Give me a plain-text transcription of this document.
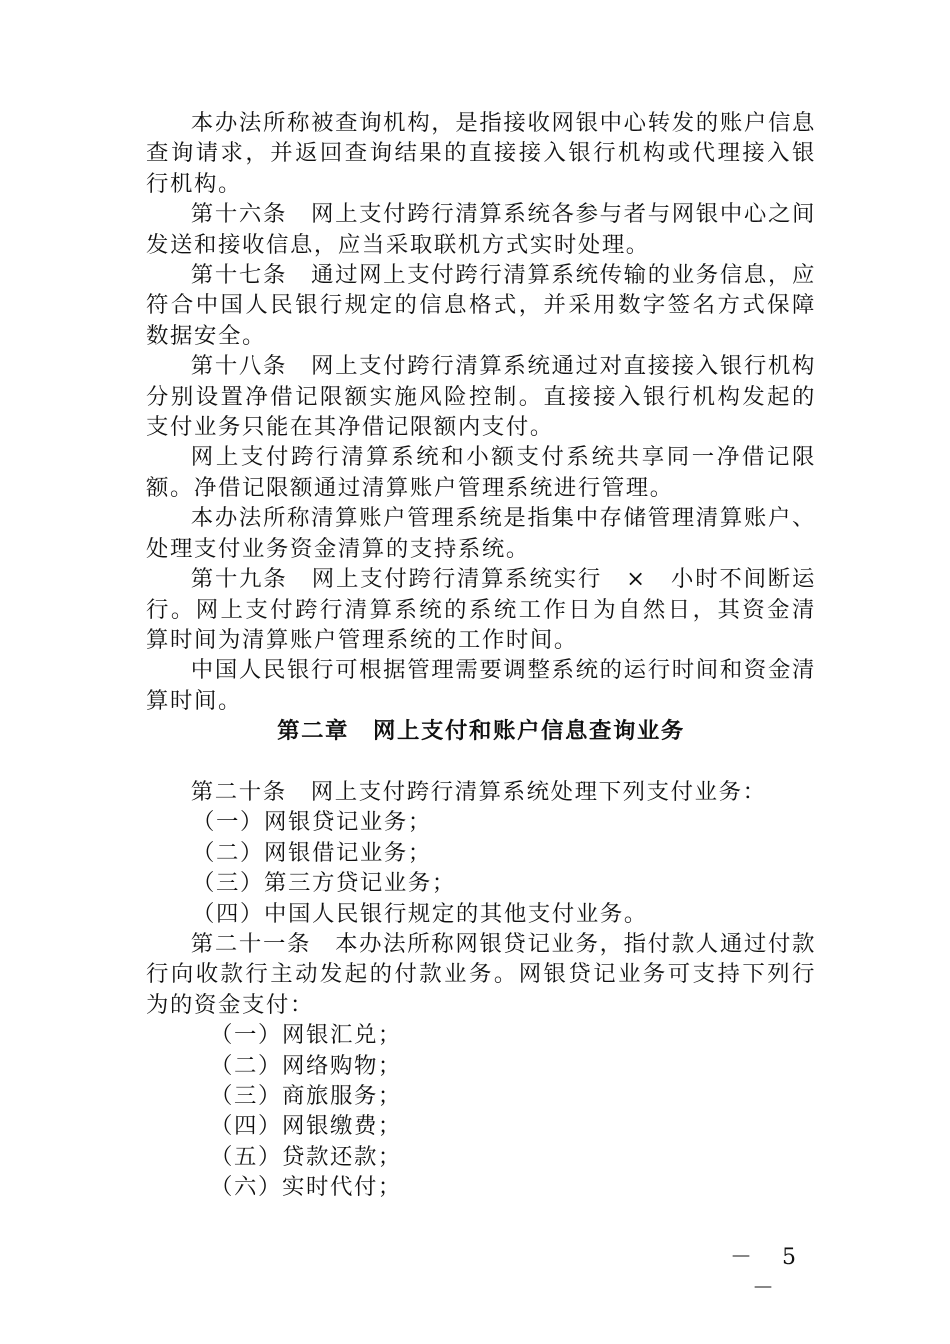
本办法所称被查询机构，是指接收网银中心转发的账户信息查询请求，并返回查询结果的直接接入银行机构或代理接入银行机构。

第十六条　网上支付跨行清算系统各参与者与网银中心之间发送和接收信息，应当采取联机方式实时处理。

第十七条　通过网上支付跨行清算系统传输的业务信息，应符合中国人民银行规定的信息格式，并采用数字签名方式保障数据安全。

第十八条　网上支付跨行清算系统通过对直接接入银行机构分别设置净借记限额实施风险控制。直接接入银行机构发起的支付业务只能在其净借记限额内支付。

网上支付跨行清算系统和小额支付系统共享同一净借记限额。净借记限额通过清算账户管理系统进行管理。

本办法所称清算账户管理系统是指集中存储管理清算账户、处理支付业务资金清算的支持系统。

第十九条　网上支付跨行清算系统实行　×　小时不间断运行。网上支付跨行清算系统的系统工作日为自然日，其资金清算时间为清算账户管理系统的工作时间。

中国人民银行可根据管理需要调整系统的运行时间和资金清算时间。

第二章　网上支付和账户信息查询业务

第二十条　网上支付跨行清算系统处理下列支付业务：

（一）网银贷记业务；

（二）网银借记业务；

（三）第三方贷记业务；

（四）中国人民银行规定的其他支付业务。

第二十一条　本办法所称网银贷记业务，指付款人通过付款行向收款行主动发起的付款业务。网银贷记业务可支持下列行为的资金支付：

（一）网银汇兑；

（二）网络购物；

（三）商旅服务；

（四）网银缴费；

（五）贷款还款；

（六）实时代付；

－　5　－
